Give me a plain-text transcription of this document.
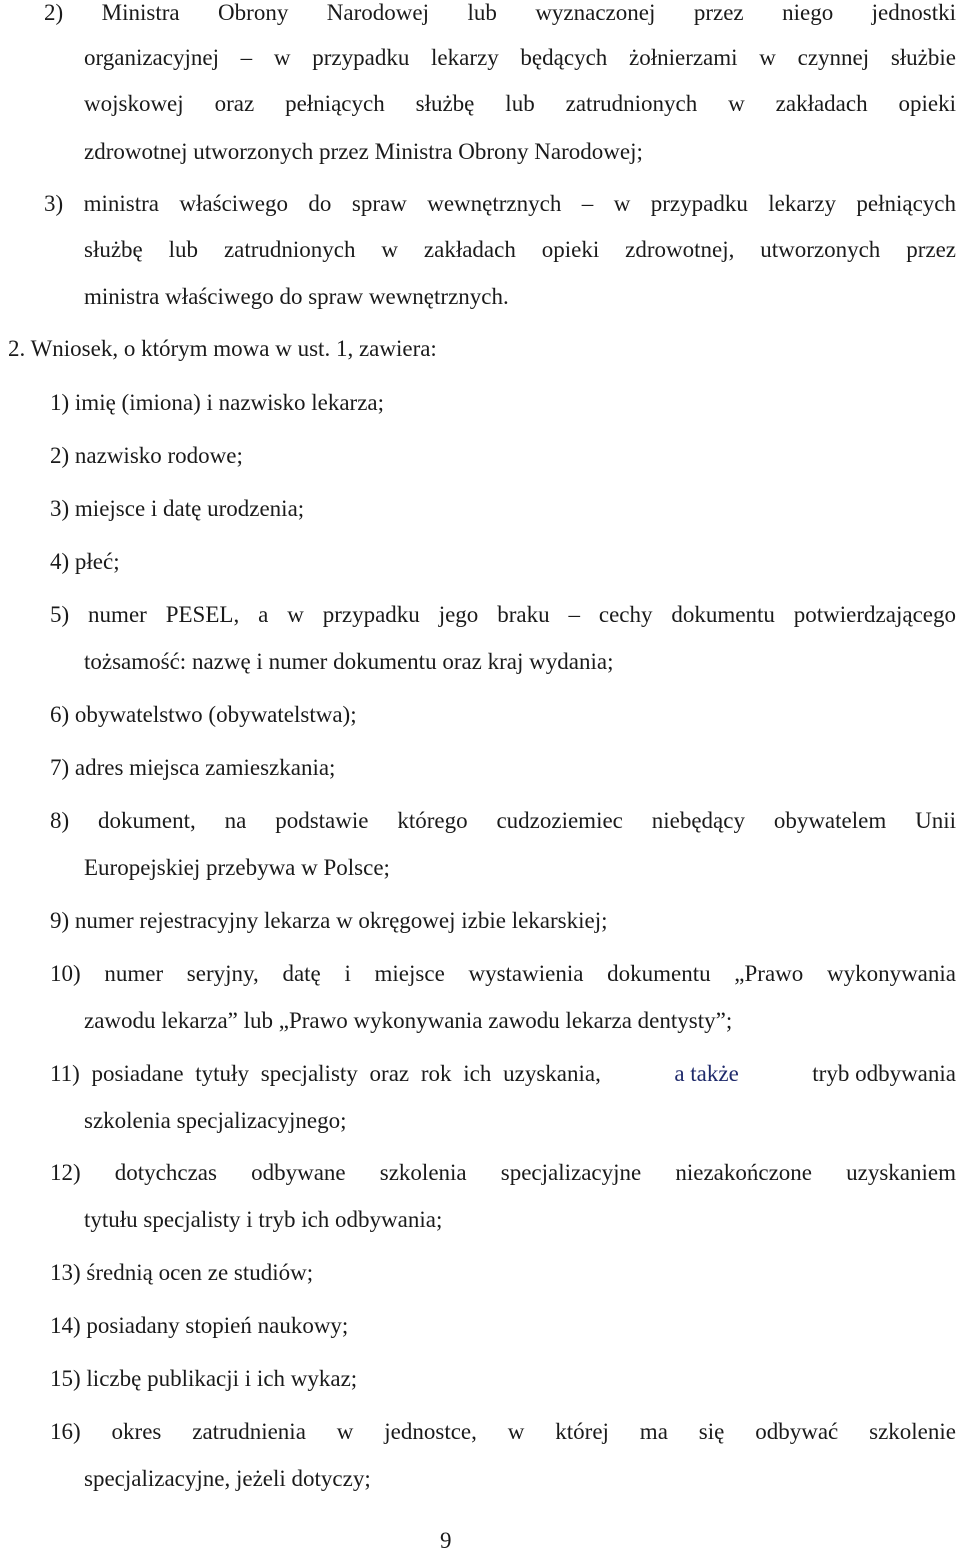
2) Ministra Obrony Narodowej lub wyznaczonej przez niego jednostki
organizacyjnej – w przypadku lekarzy będących żołnierzami w czynnej służbie
wojskowej oraz pełniących służbę lub zatrudnionych w zakładach opieki
zdrowotnej utworzonych przez Ministra Obrony Narodowej;
3) ministra właściwego do spraw wewnętrznych – w przypadku lekarzy pełniących
służbę lub zatrudnionych w zakładach opieki zdrowotnej, utworzonych przez
ministra właściwego do spraw wewnętrznych.
2. Wniosek, o którym mowa w ust. 1, zawiera:
1) imię (imiona) i nazwisko lekarza;
2) nazwisko rodowe;
3) miejsce i datę urodzenia;
4) płeć;
5) numer PESEL, a w przypadku jego braku – cechy dokumentu potwierdzającego
tożsamość: nazwę i numer dokumentu oraz kraj wydania;
6) obywatelstwo (obywatelstwa);
7) adres miejsca zamieszkania;
8) dokument, na podstawie którego cudzoziemiec niebędący obywatelem Unii
Europejskiej przebywa w Polsce;
9) numer rejestracyjny lekarza w okręgowej izbie lekarskiej;
10) numer seryjny, datę i miejsce wystawienia dokumentu „Prawo wykonywania
zawodu lekarza” lub „Prawo wykonywania zawodu lekarza dentysty”;
11) posiadane tytuły specjalisty oraz rok ich uzyskania,	a także	tryb odbywania
szkolenia specjalizacyjnego;
12) dotychczas odbywane szkolenia specjalizacyjne niezakończone uzyskaniem
tytułu specjalisty i tryb ich odbywania;
13) średnią ocen ze studiów;
14) posiadany stopień naukowy;
15) liczbę publikacji i ich wykaz;
16) okres zatrudnienia w jednostce, w której ma się odbywać szkolenie
specjalizacyjne, jeżeli dotyczy;
9
